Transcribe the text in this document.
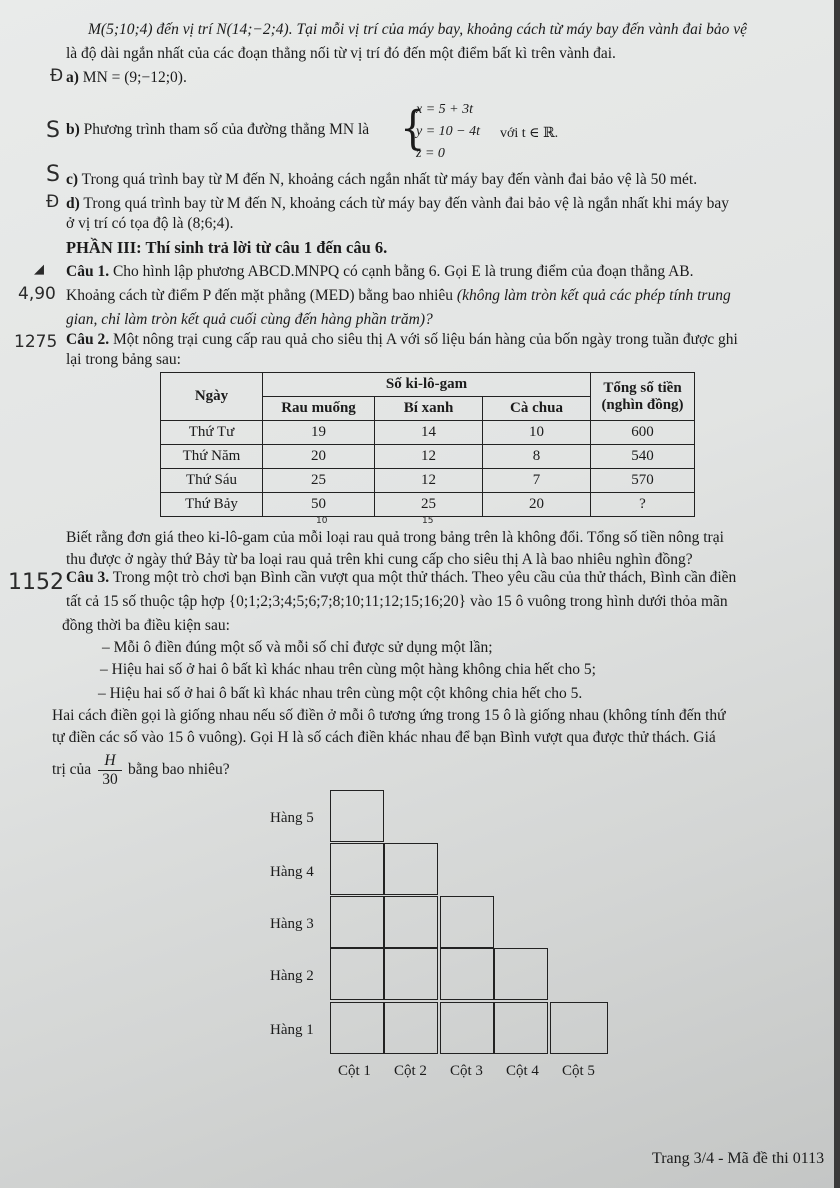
M(5;10;4) đến vị trí N(14;−2;4). Tại mỗi vị trí của máy bay, khoảng cách từ máy bay đến vành đai bảo vệ
là độ dài ngắn nhất của các đoạn thẳng nối từ vị trí đó đến một điểm bất kì trên vành đai.
Đ a) MN = (9;−12;0).
S b) Phương trình tham số của đường thẳng MN là {
x = 5 + 3t
y = 10 − 4t
z = 0
với t ∈ ℝ.
S c) Trong quá trình bay từ M đến N, khoảng cách ngắn nhất từ máy bay đến vành đai bảo vệ là 50 mét.
Đ d) Trong quá trình bay từ M đến N, khoảng cách từ máy bay đến vành đai bảo vệ là ngắn nhất khi máy bay
ở vị trí có tọa độ là (8;6;4).
PHẦN III: Thí sinh trả lời từ câu 1 đến câu 6.
◢ Câu 1. Cho hình lập phương ABCD.MNPQ có cạnh bằng 6. Gọi E là trung điểm của đoạn thẳng AB.
4,90 Khoảng cách từ điểm P đến mặt phẳng (MED) bằng bao nhiêu (không làm tròn kết quả các phép tính trung
gian, chỉ làm tròn kết quả cuối cùng đến hàng phần trăm)?
1275 Câu 2. Một nông trại cung cấp rau quả cho siêu thị A với số liệu bán hàng của bốn ngày trong tuần được ghi
lại trong bảng sau:
Ngày	Số ki-lô-gam			Tổng số tiền (nghìn đồng)
	Rau muống	Bí xanh	Cà chua	
Thứ Tư	19	14	10	600
Thứ Năm	20	12	8	540
Thứ Sáu	25	12	7	570
Thứ Bảy	50	25	20	?
10	15
Biết rằng đơn giá theo ki-lô-gam của mỗi loại rau quả trong bảng trên là không đổi. Tổng số tiền nông trại
thu được ở ngày thứ Bảy từ ba loại rau quả trên khi cung cấp cho siêu thị A là bao nhiêu nghìn đồng?
1152 Câu 3. Trong một trò chơi bạn Bình cần vượt qua một thử thách. Theo yêu cầu của thử thách, Bình cần điền
tất cả 15 số thuộc tập hợp {0;1;2;3;4;5;6;7;8;10;11;12;15;16;20} vào 15 ô vuông trong hình dưới thỏa mãn
đồng thời ba điều kiện sau:
– Mỗi ô điền đúng một số và mỗi số chỉ được sử dụng một lần;
– Hiệu hai số ở hai ô bất kì khác nhau trên cùng một hàng không chia hết cho 5;
– Hiệu hai số ở hai ô bất kì khác nhau trên cùng một cột không chia hết cho 5.
Hai cách điền gọi là giống nhau nếu số điền ở mỗi ô tương ứng trong 15 ô là giống nhau (không tính đến thứ
tự điền các số vào 15 ô vuông). Gọi H là số cách điền khác nhau để bạn Bình vượt qua được thử thách. Giá
trị của $\frac{H}{30}$ bằng bao nhiêu?
Hàng 5
Hàng 4
Hàng 3
Hàng 2
Hàng 1
Cột 1 Cột 2 Cột 3 Cột 4 Cột 5
Trang 3/4 - Mã đề thi 0113
